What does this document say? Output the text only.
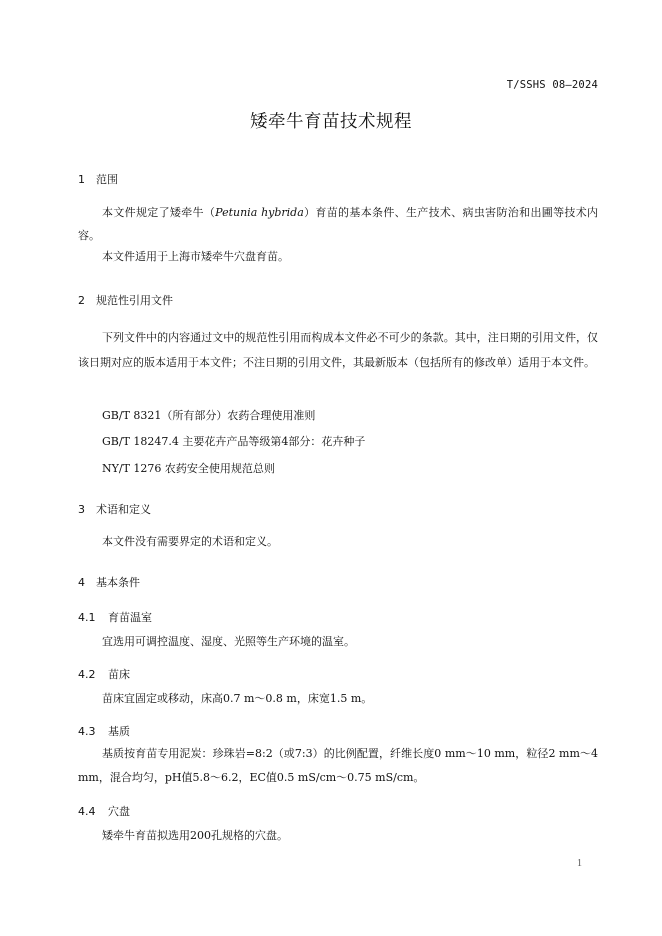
T/SSHS 08—2024
矮牵牛育苗技术规程
1 范围
本文件规定了矮牵牛（Petunia hybrida）育苗的基本条件、生产技术、病虫害防治和出圃等技术内容。
本文件适用于上海市矮牵牛穴盘育苗。
2 规范性引用文件
下列文件中的内容通过文中的规范性引用而构成本文件必不可少的条款。其中，注日期的引用文件，仅该日期对应的版本适用于本文件；不注日期的引用文件，其最新版本（包括所有的修改单）适用于本文件。
GB/T 8321（所有部分）农药合理使用准则
GB/T 18247.4 主要花卉产品等级第4部分：花卉种子
NY/T 1276 农药安全使用规范总则
3 术语和定义
本文件没有需要界定的术语和定义。
4 基本条件
4.1 育苗温室
宜选用可调控温度、湿度、光照等生产环境的温室。
4.2 苗床
苗床宜固定或移动，床高0.7 m～0.8 m，床宽1.5 m。
4.3 基质
基质按育苗专用泥炭：珍珠岩=8:2（或7:3）的比例配置，纤维长度0 mm～10 mm，粒径2 mm～4 mm，混合均匀，pH值5.8～6.2，EC值0.5 mS/cm～0.75 mS/cm。
4.4 穴盘
矮牵牛育苗拟选用200孔规格的穴盘。
1
